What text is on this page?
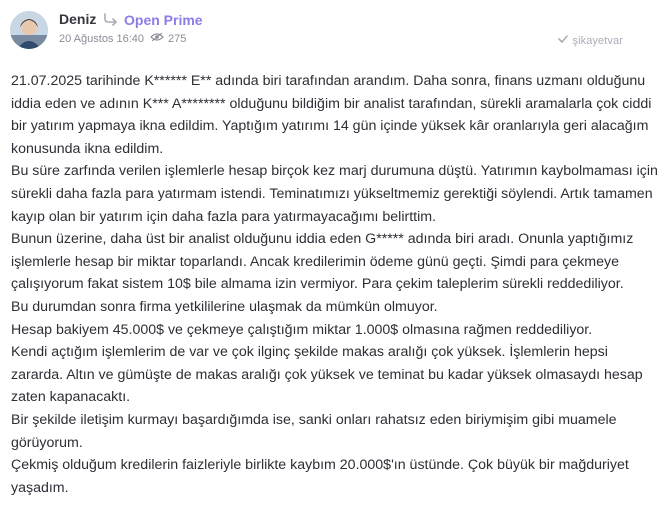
Deniz Open Prime
20 Ağustos 16:40 275	şikayetvar
21.07.2025 tarihinde K****** E** adında biri tarafından arandım. Daha sonra, finans uzmanı olduğunu iddia eden ve adının K*** A******** olduğunu bildiğim bir analist tarafından, sürekli aramalarla çok ciddi bir yatırım yapmaya ikna edildim. Yaptığım yatırımı 14 gün içinde yüksek kâr oranlarıyla geri alacağım konusunda ikna edildim.
Bu süre zarfında verilen işlemlerle hesap birçok kez marj durumuna düştü. Yatırımın kaybolmaması için sürekli daha fazla para yatırmam istendi. Teminatımızı yükseltmemiz gerektiği söylendi. Artık tamamen kayıp olan bir yatırım için daha fazla para yatırmayacağımı belirttim.
Bunun üzerine, daha üst bir analist olduğunu iddia eden G***** adında biri aradı. Onunla yaptığımız işlemlerle hesap bir miktar toparlandı. Ancak kredilerimin ödeme günü geçti. Şimdi para çekmeye çalışıyorum fakat sistem 10$ bile almama izin vermiyor. Para çekim taleplerim sürekli reddediliyor.
Bu durumdan sonra firma yetkililerine ulaşmak da mümkün olmuyor.
Hesap bakiyem 45.000$ ve çekmeye çalıştığım miktar 1.000$ olmasına rağmen reddediliyor.
Kendi açtığım işlemlerim de var ve çok ilginç şekilde makas aralığı çok yüksek. İşlemlerin hepsi zararda. Altın ve gümüşte de makas aralığı çok yüksek ve teminat bu kadar yüksek olmasaydı hesap zaten kapanacaktı.
Bir şekilde iletişim kurmayı başardığımda ise, sanki onları rahatsız eden biriymişim gibi muamele görüyorum.
Çekmiş olduğum kredilerin faizleriyle birlikte kaybım 20.000$'ın üstünde. Çok büyük bir mağduriyet yaşadım.
